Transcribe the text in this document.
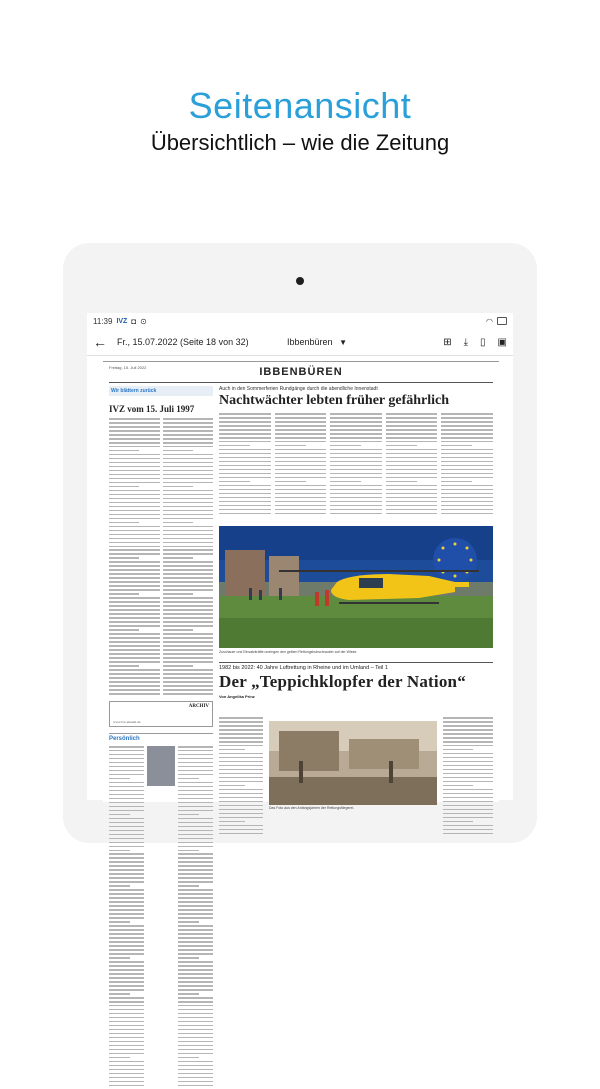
Seitenansicht
Übersichtlich – wie die Zeitung
11:39 IVZ ◘ ⊙	◠
←	Fr., 15.07.2022 (Seite 18 von 32)	Ibbenbüren ▼	⊞ ⤓ ▯ ▣
Freitag, 15. Juli 2022	IBBENBÜREN
Wir blättern zurück
IVZ vom 15. Juli 1997
ARCHIV
www.ivz-aktuell.de
Persönlich
Auch in den Sommerferien Rundgänge durch die abendliche Innenstadt
Nachtwächter lebten früher gefährlich
Zuschauer und Einsatzkräfte umringen den gelben Rettungshubschrauber auf der Wiese.
1982 bis 2022: 40 Jahre Luftrettung in Rheine und im Umland – Teil 1
Der „Teppichklopfer der Nation“
Von Angelika Prinz
Das Foto aus den Anfangsjahren der Rettungsfliegerei.
